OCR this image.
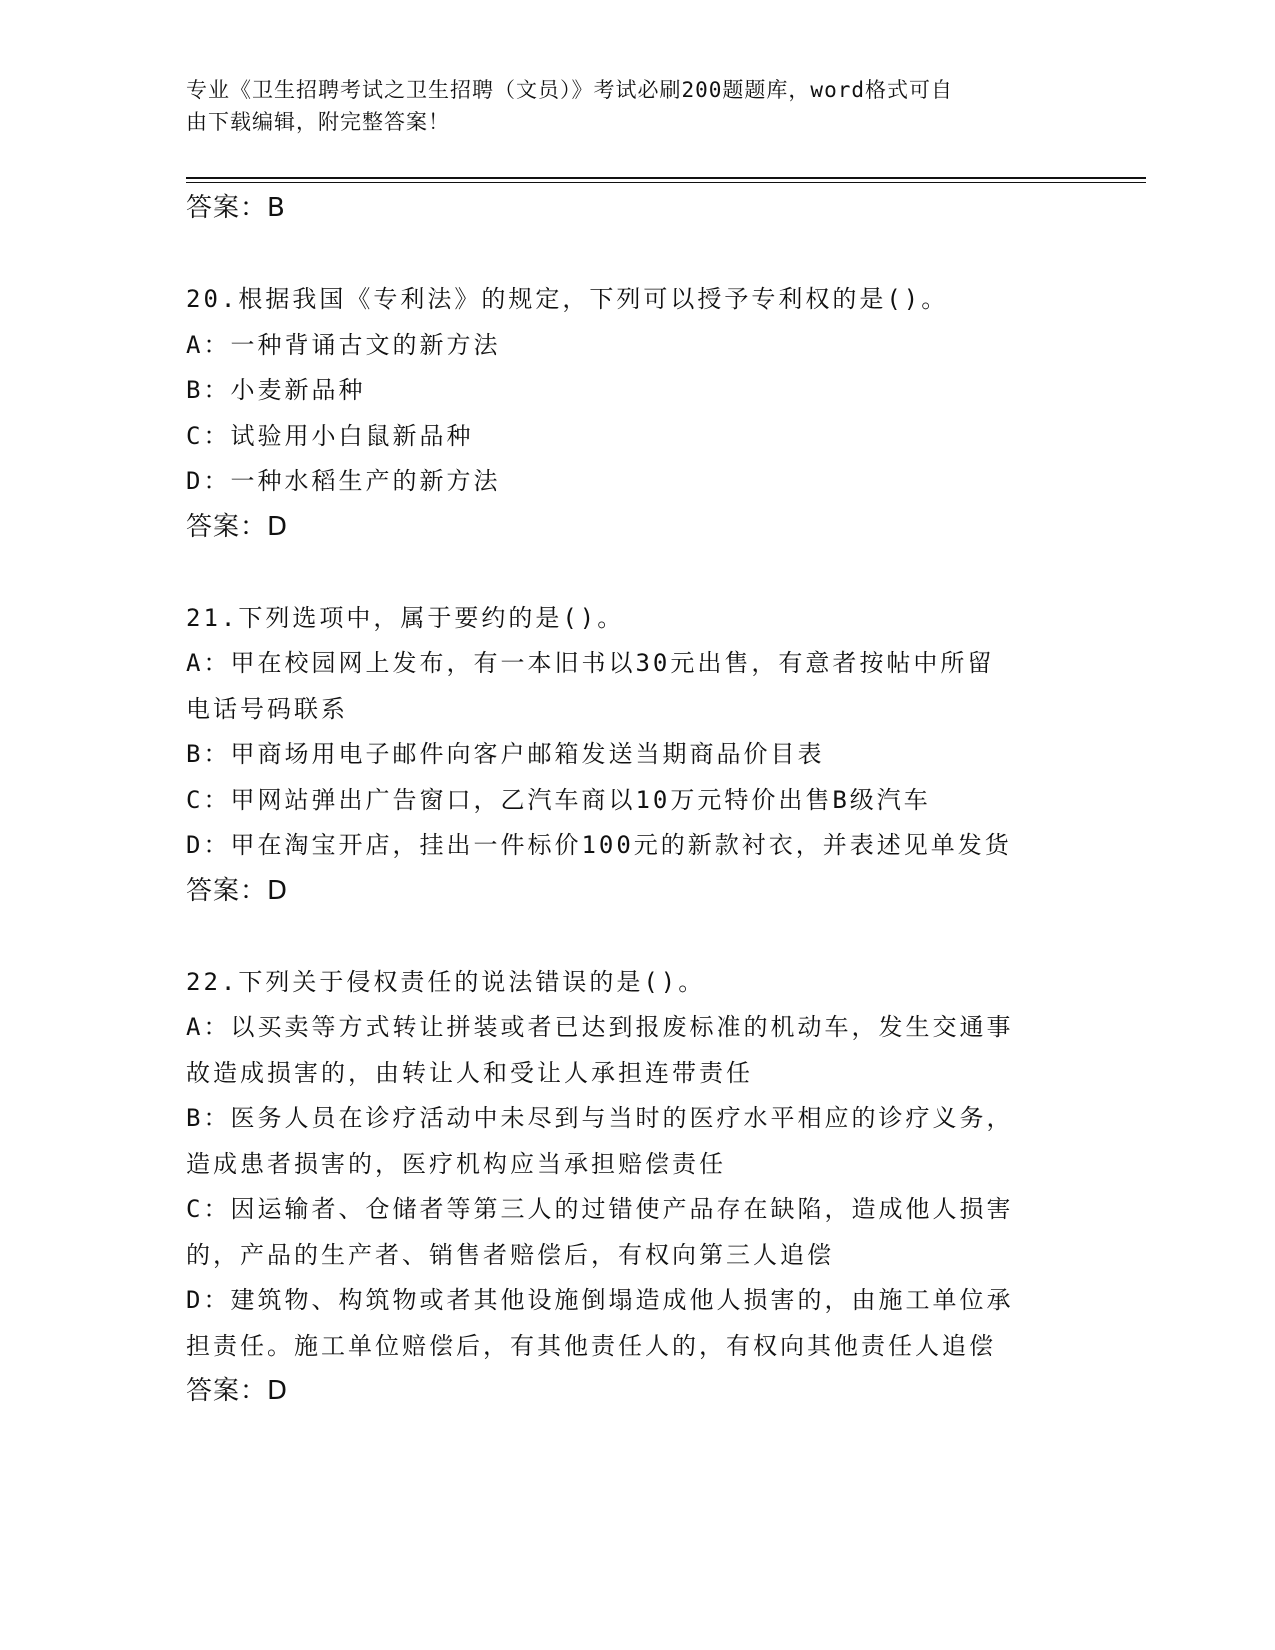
专业《卫生招聘考试之卫生招聘（文员）》考试必刷200题题库，word格式可自
由下载编辑，附完整答案！
答案：B
20.根据我国《专利法》的规定，下列可以授予专利权的是()。
A：一种背诵古文的新方法
B：小麦新品种
C：试验用小白鼠新品种
D：一种水稻生产的新方法
答案：D
21.下列选项中，属于要约的是()。
A：甲在校园网上发布，有一本旧书以30元出售，有意者按帖中所留
电话号码联系
B：甲商场用电子邮件向客户邮箱发送当期商品价目表
C：甲网站弹出广告窗口，乙汽车商以10万元特价出售B级汽车
D：甲在淘宝开店，挂出一件标价100元的新款衬衣，并表述见单发货
答案：D
22.下列关于侵权责任的说法错误的是()。
A：以买卖等方式转让拼装或者已达到报废标准的机动车，发生交通事
故造成损害的，由转让人和受让人承担连带责任
B：医务人员在诊疗活动中未尽到与当时的医疗水平相应的诊疗义务，
造成患者损害的，医疗机构应当承担赔偿责任
C：因运输者、仓储者等第三人的过错使产品存在缺陷，造成他人损害
的，产品的生产者、销售者赔偿后，有权向第三人追偿
D：建筑物、构筑物或者其他设施倒塌造成他人损害的，由施工单位承
担责任。施工单位赔偿后，有其他责任人的，有权向其他责任人追偿
答案：D
